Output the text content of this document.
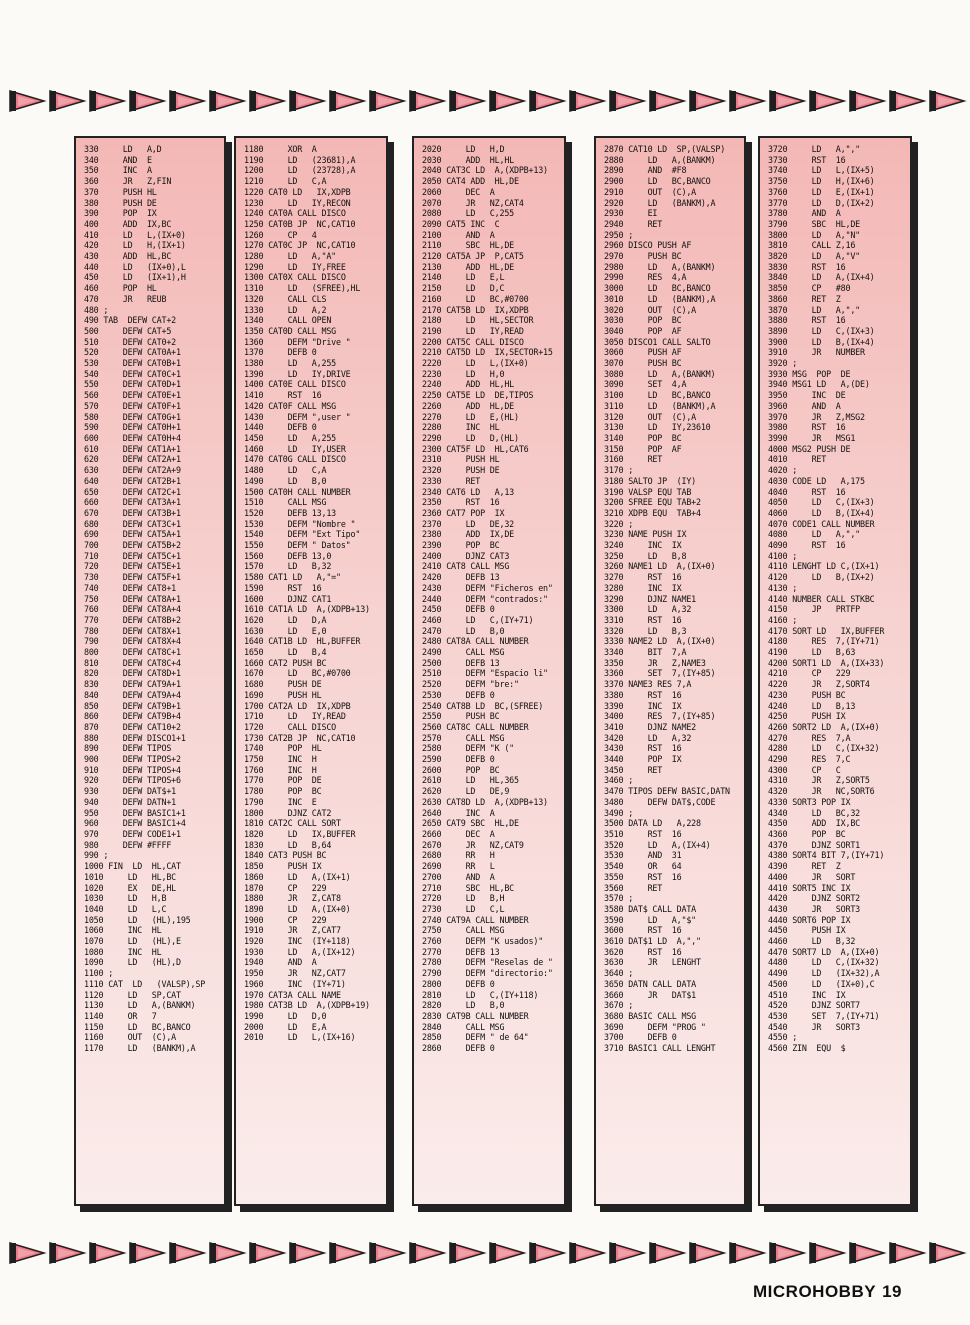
330     LD   A,D
340     AND  E
350     INC  A
360     JR   Z,FIN
370     PUSH HL
380     PUSH DE
390     POP  IX
400     ADD  IX,BC
410     LD   L,(IX+0)
420     LD   H,(IX+1)
430     ADD  HL,BC
440     LD   (IX+0),L
450     LD   (IX+1),H
460     POP  HL
470     JR   REUB
480 ;
490 TAB  DEFW CAT+2
500     DEFW CAT+5
510     DEFW CAT0+2
520     DEFW CAT0A+1
530     DEFW CAT0B+1
540     DEFW CAT0C+1
550     DEFW CAT0D+1
560     DEFW CAT0E+1
570     DEFW CAT0F+1
580     DEFW CAT0G+1
590     DEFW CAT0H+1
600     DEFW CAT0H+4
610     DEFW CAT1A+1
620     DEFW CAT2A+1
630     DEFW CAT2A+9
640     DEFW CAT2B+1
650     DEFW CAT2C+1
660     DEFW CAT3A+1
670     DEFW CAT3B+1
680     DEFW CAT3C+1
690     DEFW CAT5A+1
700     DEFW CAT5B+2
710     DEFW CAT5C+1
720     DEFW CAT5E+1
730     DEFW CAT5F+1
740     DEFW CAT8+1
750     DEFW CAT8A+1
760     DEFW CAT8A+4
770     DEFW CAT8B+2
780     DEFW CAT8X+1
790     DEFW CAT8X+4
800     DEFW CAT8C+1
810     DEFW CAT8C+4
820     DEFW CAT8D+1
830     DEFW CAT9A+1
840     DEFW CAT9A+4
850     DEFW CAT9B+1
860     DEFW CAT9B+4
870     DEFW CAT10+2
880     DEFW DISCO1+1
890     DEFW TIPOS
900     DEFW TIPOS+2
910     DEFW TIPOS+4
920     DEFW TIPOS+6
930     DEFW DAT$+1
940     DEFW DATN+1
950     DEFW BASIC1+1
960     DEFW BASIC1+4
970     DEFW CODE1+1
980     DEFW #FFFF
990 ;
1000 FIN  LD  HL,CAT
1010     LD   HL,BC
1020     EX   DE,HL
1030     LD   H,B
1040     LD   L,C
1050     LD   (HL),195
1060     INC  HL
1070     LD   (HL),E
1080     INC  HL
1090     LD   (HL),D
1100 ;
1110 CAT  LD   (VALSP),SP
1120     LD   SP,CAT
1130     LD   A,(BANKM)
1140     OR   7
1150     LD   BC,BANCO
1160     OUT  (C),A
1170     LD   (BANKM),A
1180     XOR  A
1190     LD   (23681),A
1200     LD   (23728),A
1210     LD   C,A
1220 CAT0 LD   IX,XDPB
1230     LD   IY,RECON
1240 CAT0A CALL DISCO
1250 CAT0B JP  NC,CAT10
1260     CP   4
1270 CAT0C JP  NC,CAT10
1280     LD   A,"A"
1290     LD   IY,FREE
1300 CAT0X CALL DISCO
1310     LD   (SFREE),HL
1320     CALL CLS
1330     LD   A,2
1340     CALL OPEN
1350 CAT0D CALL MSG
1360     DEFM "Drive "
1370     DEFB 0
1380     LD   A,255
1390     LD   IY,DRIVE
1400 CAT0E CALL DISCO
1410     RST  16
1420 CAT0F CALL MSG
1430     DEFM ",user "
1440     DEFB 0
1450     LD   A,255
1460     LD   IY,USER
1470 CAT0G CALL DISCO
1480     LD   C,A
1490     LD   B,0
1500 CAT0H CALL NUMBER
1510     CALL MSG
1520     DEFB 13,13
1530     DEFM "Nombre "
1540     DEFM "Ext Tipo"
1550     DEFM " Datos"
1560     DEFB 13,0
1570     LD   B,32
1580 CAT1 LD   A,"="
1590     RST  16
1600     DJNZ CAT1
1610 CAT1A LD  A,(XDPB+13)
1620     LD   D,A
1630     LD   E,0
1640 CAT1B LD  HL,BUFFER
1650     LD   B,4
1660 CAT2 PUSH BC
1670     LD   BC,#0700
1680     PUSH DE
1690     PUSH HL
1700 CAT2A LD  IX,XDPB
1710     LD   IY,READ
1720     CALL DISCO
1730 CAT2B JP  NC,CAT10
1740     POP  HL
1750     INC  H
1760     INC  H
1770     POP  DE
1780     POP  BC
1790     INC  E
1800     DJNZ CAT2
1810 CAT2C CALL SORT
1820     LD   IX,BUFFER
1830     LD   B,64
1840 CAT3 PUSH BC
1850     PUSH IX
1860     LD   A,(IX+1)
1870     CP   229
1880     JR   Z,CAT8
1890     LD   A,(IX+0)
1900     CP   229
1910     JR   Z,CAT7
1920     INC  (IY+118)
1930     LD   A,(IX+12)
1940     AND  A
1950     JR   NZ,CAT7
1960     INC  (IY+71)
1970 CAT3A CALL NAME
1980 CAT3B LD  A,(XDPB+19)
1990     LD   D,0
2000     LD   E,A
2010     LD   L,(IX+16)
2020     LD   H,D
2030     ADD  HL,HL
2040 CAT3C LD  A,(XDPB+13)
2050 CAT4 ADD  HL,DE
2060     DEC  A
2070     JR   NZ,CAT4
2080     LD   C,255
2090 CAT5 INC  C
2100     AND  A
2110     SBC  HL,DE
2120 CAT5A JP  P,CAT5
2130     ADD  HL,DE
2140     LD   E,L
2150     LD   D,C
2160     LD   BC,#0700
2170 CAT5B LD  IX,XDPB
2180     LD   HL,SECTOR
2190     LD   IY,READ
2200 CAT5C CALL DISCO
2210 CAT5D LD  IX,SECTOR+15
2220     LD   L,(IX+0)
2230     LD   H,0
2240     ADD  HL,HL
2250 CAT5E LD  DE,TIPOS
2260     ADD  HL,DE
2270     LD   E,(HL)
2280     INC  HL
2290     LD   D,(HL)
2300 CAT5F LD  HL,CAT6
2310     PUSH HL
2320     PUSH DE
2330     RET
2340 CAT6 LD   A,13
2350     RST  16
2360 CAT7 POP  IX
2370     LD   DE,32
2380     ADD  IX,DE
2390     POP  BC
2400     DJNZ CAT3
2410 CAT8 CALL MSG
2420     DEFB 13
2430     DEFM "Ficheros en"
2440     DEFM "contrados:"
2450     DEFB 0
2460     LD   C,(IY+71)
2470     LD   B,0
2480 CAT8A CALL NUMBER
2490     CALL MSG
2500     DEFB 13
2510     DEFM "Espacio li"
2520     DEFM "bre:"
2530     DEFB 0
2540 CAT8B LD  BC,(SFREE)
2550     PUSH BC
2560 CAT8C CALL NUMBER
2570     CALL MSG
2580     DEFM "K ("
2590     DEFB 0
2600     POP  BC
2610     LD   HL,365
2620     LD   DE,9
2630 CAT8D LD  A,(XDPB+13)
2640     INC  A
2650 CAT9 SBC  HL,DE
2660     DEC  A
2670     JR   NZ,CAT9
2680     RR   H
2690     RR   L
2700     AND  A
2710     SBC  HL,BC
2720     LD   B,H
2730     LD   C,L
2740 CAT9A CALL NUMBER
2750     CALL MSG
2760     DEFM "K usados)"
2770     DEFB 13
2780     DEFM "Reselas de "
2790     DEFM "directorio:"
2800     DEFB 0
2810     LD   C,(IY+118)
2820     LD   B,0
2830 CAT9B CALL NUMBER
2840     CALL MSG
2850     DEFM " de 64"
2860     DEFB 0
2870 CAT10 LD  SP,(VALSP)
2880     LD   A,(BANKM)
2890     AND  #F8
2900     LD   BC,BANCO
2910     OUT  (C),A
2920     LD   (BANKM),A
2930     EI
2940     RET
2950 ;
2960 DISCO PUSH AF
2970     PUSH BC
2980     LD   A,(BANKM)
2990     RES  4,A
3000     LD   BC,BANCO
3010     LD   (BANKM),A
3020     OUT  (C),A
3030     POP  BC
3040     POP  AF
3050 DISCO1 CALL SALTO
3060     PUSH AF
3070     PUSH BC
3080     LD   A,(BANKM)
3090     SET  4,A
3100     LD   BC,BANCO
3110     LD   (BANKM),A
3120     OUT  (C),A
3130     LD   IY,23610
3140     POP  BC
3150     POP  AF
3160     RET
3170 ;
3180 SALTO JP  (IY)
3190 VALSP EQU TAB
3200 SFREE EQU TAB+2
3210 XDPB EQU  TAB+4
3220 ;
3230 NAME PUSH IX
3240     INC  IX
3250     LD   B,8
3260 NAME1 LD  A,(IX+0)
3270     RST  16
3280     INC  IX
3290     DJNZ NAME1
3300     LD   A,32
3310     RST  16
3320     LD   B,3
3330 NAME2 LD  A,(IX+0)
3340     BIT  7,A
3350     JR   Z,NAME3
3360     SET  7,(IY+85)
3370 NAME3 RES 7,A
3380     RST  16
3390     INC  IX
3400     RES  7,(IY+85)
3410     DJNZ NAME2
3420     LD   A,32
3430     RST  16
3440     POP  IX
3450     RET
3460 ;
3470 TIPOS DEFW BASIC,DATN
3480     DEFW DAT$,CODE
3490 ;
3500 DATA LD   A,228
3510     RST  16
3520     LD   A,(IX+4)
3530     AND  31
3540     OR   64
3550     RST  16
3560     RET
3570 ;
3580 DAT$ CALL DATA
3590     LD   A,"$"
3600     RST  16
3610 DAT$1 LD  A,","
3620     RST  16
3630     JR   LENGHT
3640 ;
3650 DATN CALL DATA
3660     JR   DAT$1
3670 ;
3680 BASIC CALL MSG
3690     DEFM "PROG "
3700     DEFB 0
3710 BASIC1 CALL LENGHT
3720     LD   A,","
3730     RST  16
3740     LD   L,(IX+5)
3750     LD   H,(IX+6)
3760     LD   E,(IX+1)
3770     LD   D,(IX+2)
3780     AND  A
3790     SBC  HL,DE
3800     LD   A,"N"
3810     CALL Z,16
3820     LD   A,"V"
3830     RST  16
3840     LD   A,(IX+4)
3850     CP   #80
3860     RET  Z
3870     LD   A,","
3880     RST  16
3890     LD   C,(IX+3)
3900     LD   B,(IX+4)
3910     JR   NUMBER
3920 ;
3930 MSG  POP  DE
3940 MSG1 LD   A,(DE)
3950     INC  DE
3960     AND  A
3970     JR   Z,MSG2
3980     RST  16
3990     JR   MSG1
4000 MSG2 PUSH DE
4010     RET
4020 ;
4030 CODE LD   A,175
4040     RST  16
4050     LD   C,(IX+3)
4060     LD   B,(IX+4)
4070 CODE1 CALL NUMBER
4080     LD   A,","
4090     RST  16
4100 ;
4110 LENGHT LD C,(IX+1)
4120     LD   B,(IX+2)
4130 ;
4140 NUMBER CALL STKBC
4150     JP   PRTFP
4160 ;
4170 SORT LD   IX,BUFFER
4180     RES  7,(IY+71)
4190     LD   B,63
4200 SORT1 LD  A,(IX+33)
4210     CP   229
4220     JR   Z,SORT4
4230     PUSH BC
4240     LD   B,13
4250     PUSH IX
4260 SORT2 LD  A,(IX+0)
4270     RES  7,A
4280     LD   C,(IX+32)
4290     RES  7,C
4300     CP   C
4310     JR   Z,SORT5
4320     JR   NC,SORT6
4330 SORT3 POP IX
4340     LD   BC,32
4350     ADD  IX,BC
4360     POP  BC
4370     DJNZ SORT1
4380 SORT4 BIT 7,(IY+71)
4390     RET  Z
4400     JR   SORT
4410 SORT5 INC IX
4420     DJNZ SORT2
4430     JR   SORT3
4440 SORT6 POP IX
4450     PUSH IX
4460     LD   B,32
4470 SORT7 LD  A,(IX+0)
4480     LD   C,(IX+32)
4490     LD   (IX+32),A
4500     LD   (IX+0),C
4510     INC  IX
4520     DJNZ SORT7
4530     SET  7,(IY+71)
4540     JR   SORT3
4550 ;
4560 ZIN  EQU  $
MICROHOBBY 19
